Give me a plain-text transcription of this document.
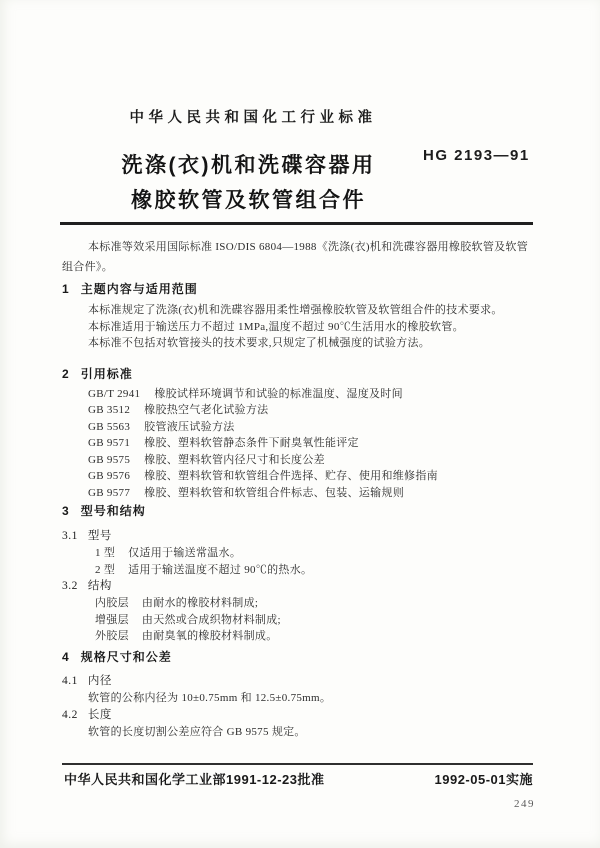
中华人民共和国化工行业标准
HG 2193—91
洗涤(衣)机和洗碟容器用
橡胶软管及软管组合件

本标准等效采用国际标准 ISO/DIS 6804—1988《洗涤(衣)机和洗碟容器用橡胶软管及软管组合件》。

1 主题内容与适用范围

本标准规定了洗涤(衣)机和洗碟容器用柔性增强橡胶软管及软管组合件的技术要求。

本标准适用于输送压力不超过 1MPa,温度不超过 90℃生活用水的橡胶软管。

本标准不包括对软管接头的技术要求,只规定了机械强度的试验方法。

2 引用标准
GB/T 2941 橡胶试样环境调节和试验的标准温度、湿度及时间
GB 3512 橡胶热空气老化试验方法
GB 5563 胶管液压试验方法
GB 9571 橡胶、塑料软管静态条件下耐臭氧性能评定
GB 9575 橡胶、塑料软管内径尺寸和长度公差
GB 9576 橡胶、塑料软管和软管组合件选择、贮存、使用和维修指南
GB 9577 橡胶、塑料软管和软管组合件标志、包装、运输规则
3 型号和结构
3.1 型号
1 型 仅适用于输送常温水。
2 型 适用于输送温度不超过 90℃的热水。
3.2 结构
内胶层 由耐水的橡胶材料制成;
增强层 由天然或合成织物材料制成;
外胶层 由耐臭氧的橡胶材料制成。
4 规格尺寸和公差
4.1 内径

软管的公称内径为 10±0.75mm 和 12.5±0.75mm。

4.2 长度

软管的长度切割公差应符合 GB 9575 规定。

中华人民共和国化学工业部1991-12-23批准	1992-05-01实施
249
